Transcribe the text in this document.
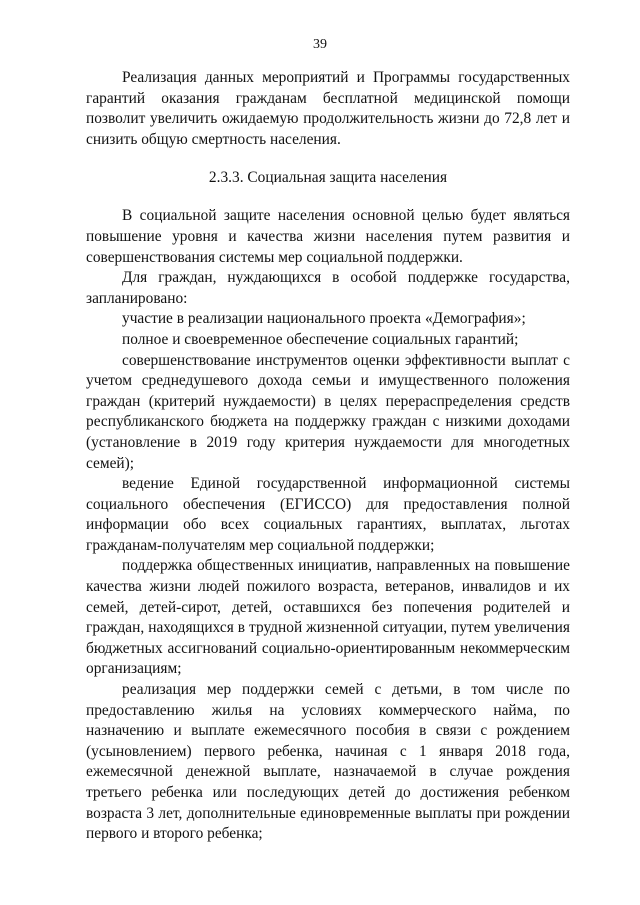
39

Реализация данных мероприятий и Программы государственных гарантий оказания гражданам бесплатной медицинской помощи позволит увеличить ожидаемую продолжительность жизни до 72,8 лет и снизить общую смертность населения.

2.3.3. Социальная защита населения

В социальной защите населения основной целью будет являться повышение уровня и качества жизни населения путем развития и совершенствования системы мер социальной поддержки.

Для граждан, нуждающихся в особой поддержке государства, запланировано:

участие в реализации национального проекта «Демография»;

полное и своевременное обеспечение социальных гарантий;

совершенствование инструментов оценки эффективности выплат с учетом среднедушевого дохода семьи и имущественного положения граждан (критерий нуждаемости) в целях перераспределения средств республиканского бюджета на поддержку граждан с низкими доходами (установление в 2019 году критерия нуждаемости для многодетных семей);

ведение Единой государственной информационной системы социального обеспечения (ЕГИССО) для предоставления полной информации обо всех социальных гарантиях, выплатах, льготах гражданам-получателям мер социальной поддержки;

поддержка общественных инициатив, направленных на повышение качества жизни людей пожилого возраста, ветеранов, инвалидов и их семей, детей-сирот, детей, оставшихся без попечения родителей и граждан, находящихся в трудной жизненной ситуации, путем увеличения бюджетных ассигнований социально-ориентированным некоммерческим организациям;

реализация мер поддержки семей с детьми, в том числе по предоставлению жилья на условиях коммерческого найма, по назначению и выплате ежемесячного пособия в связи с рождением (усыновлением) первого ребенка, начиная с 1 января 2018 года, ежемесячной денежной выплате, назначаемой в случае рождения третьего ребенка или последующих детей до достижения ребенком возраста 3 лет, дополнительные единовременные выплаты при рождении первого и второго ребенка;
